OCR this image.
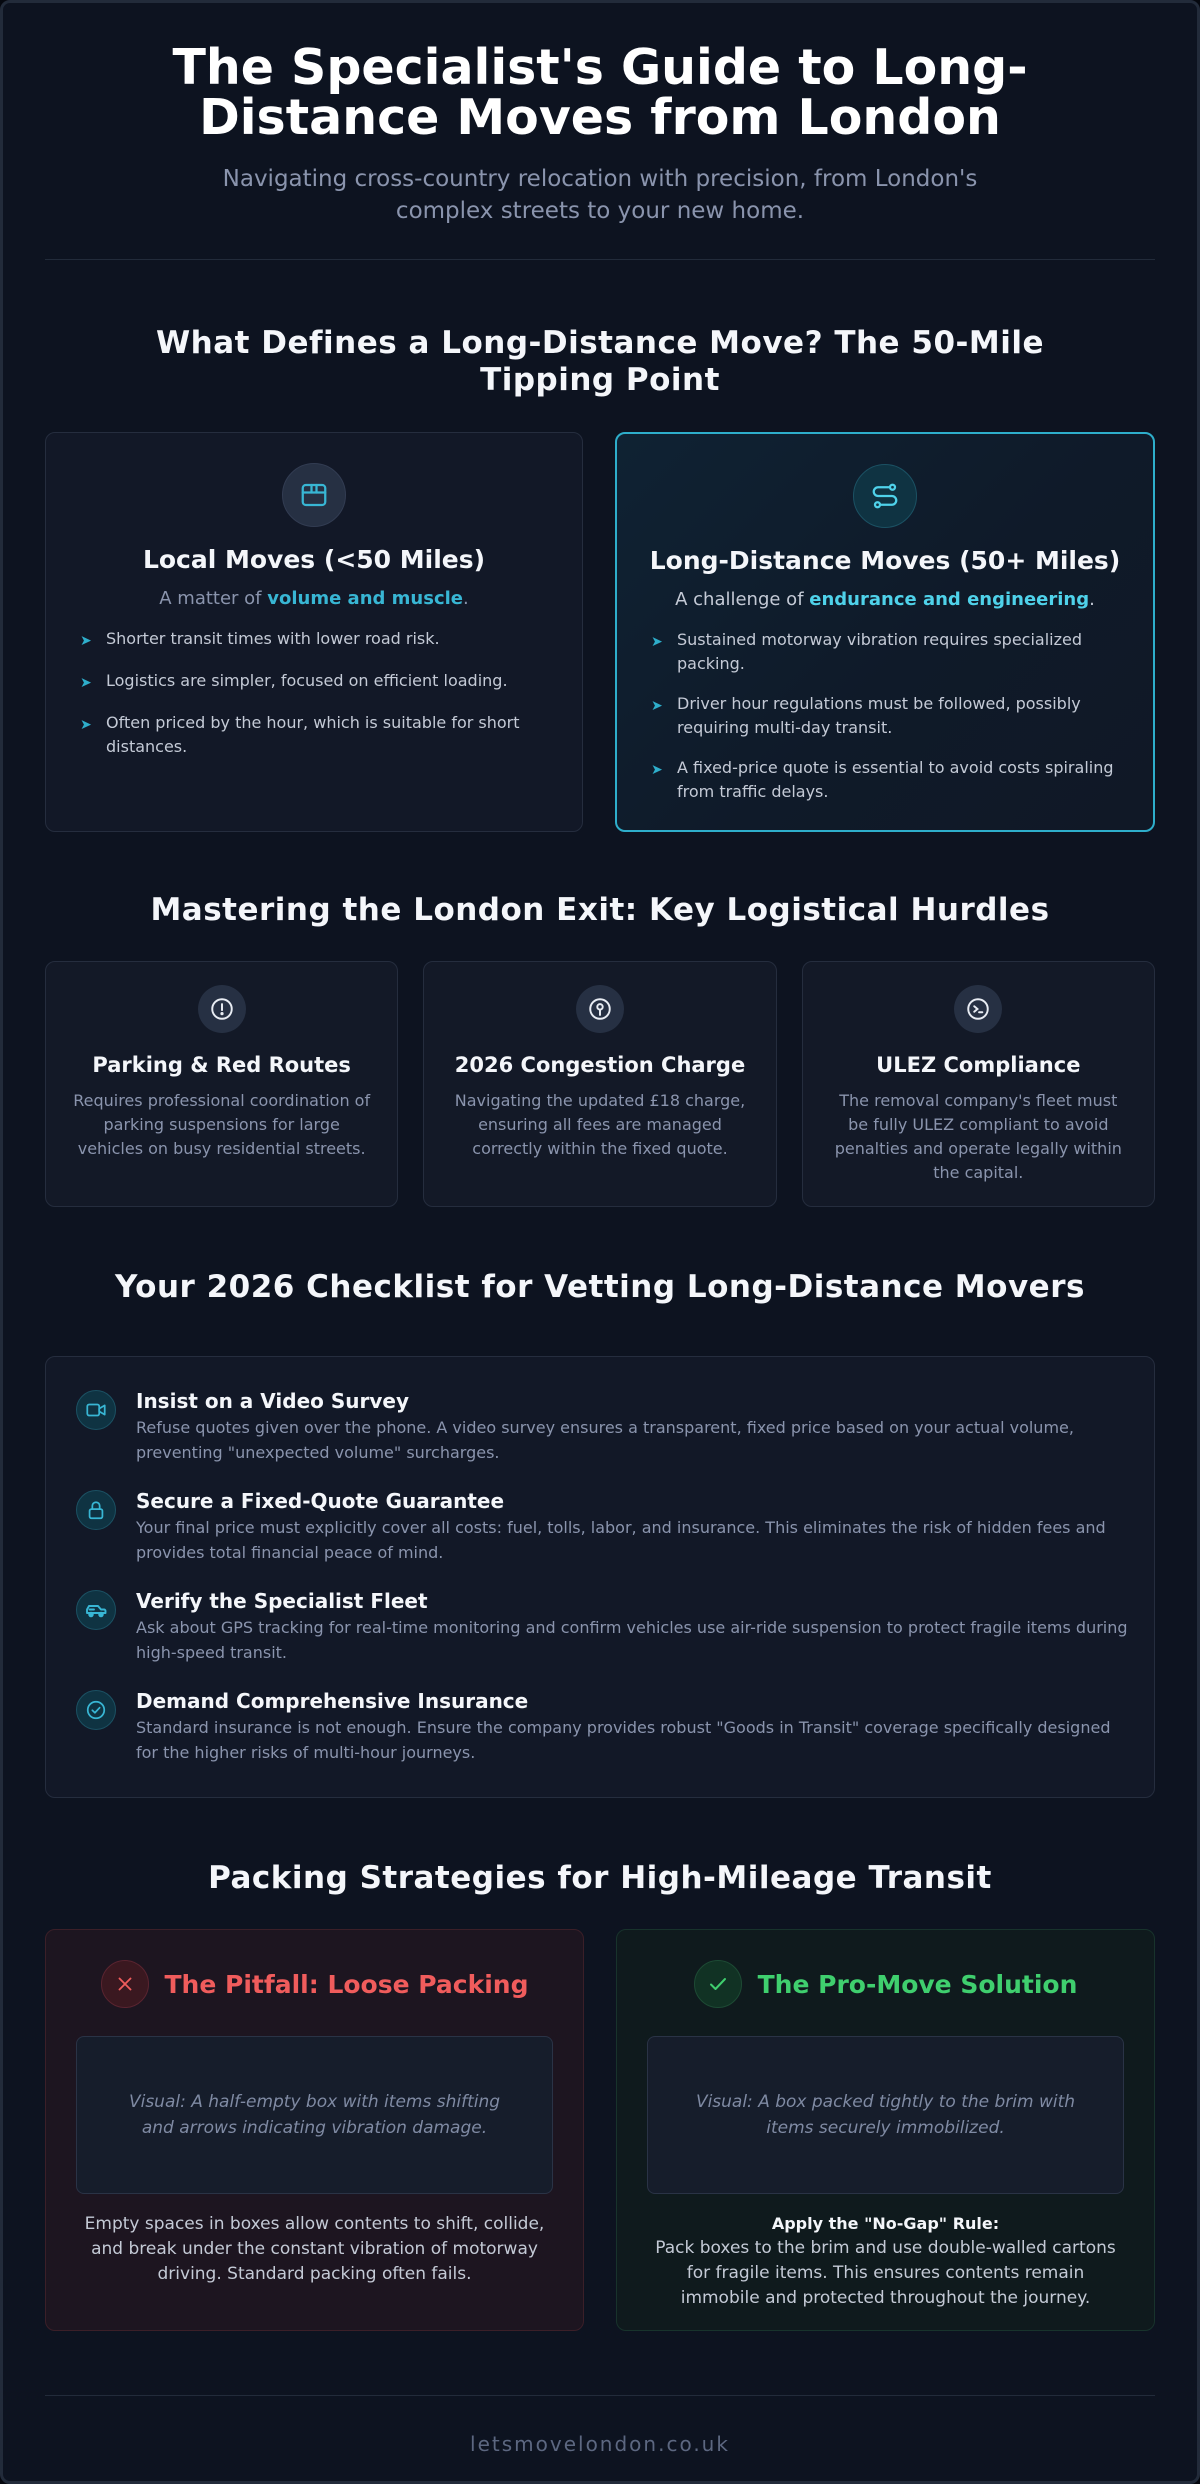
The Specialist's Guide to Long-Distance Moves from London

Navigating cross-country relocation with precision, from London's complex streets to your new home.

What Defines a Long-Distance Move? The 50-Mile Tipping Point
Local Moves (<50 Miles)

A matter of volume and muscle.

➤ Shorter transit times with lower road risk.
➤ Logistics are simpler, focused on efficient loading.
➤ Often priced by the hour, which is suitable for short distances.
Long-Distance Moves (50+ Miles)

A challenge of endurance and engineering.

➤ Sustained motorway vibration requires specialized packing.
➤ Driver hour regulations must be followed, possibly requiring multi-day transit.
➤ A fixed-price quote is essential to avoid costs spiraling from traffic delays.
Mastering the London Exit: Key Logistical Hurdles
Parking & Red Routes

Requires professional coordination of parking suspensions for large vehicles on busy residential streets.

2026 Congestion Charge

Navigating the updated £18 charge, ensuring all fees are managed correctly within the fixed quote.

ULEZ Compliance

The removal company's fleet must be fully ULEZ compliant to avoid penalties and operate legally within the capital.

Your 2026 Checklist for Vetting Long-Distance Movers
Insist on a Video Survey

Refuse quotes given over the phone. A video survey ensures a transparent, fixed price based on your actual volume, preventing "unexpected volume" surcharges.

Secure a Fixed-Quote Guarantee

Your final price must explicitly cover all costs: fuel, tolls, labor, and insurance. This eliminates the risk of hidden fees and provides total financial peace of mind.

Verify the Specialist Fleet

Ask about GPS tracking for real-time monitoring and confirm vehicles use air-ride suspension to protect fragile items during high-speed transit.

Demand Comprehensive Insurance

Standard insurance is not enough. Ensure the company provides robust "Goods in Transit" coverage specifically designed for the higher risks of multi-hour journeys.

Packing Strategies for High-Mileage Transit
The Pitfall: Loose Packing
Visual: A half-empty box with items shifting and arrows indicating vibration damage.

Empty spaces in boxes allow contents to shift, collide, and break under the constant vibration of motorway driving. Standard packing often fails.

The Pro-Move Solution
Visual: A box packed tightly to the brim with items securely immobilized.

Apply the "No-Gap" Rule:

Pack boxes to the brim and use double-walled cartons for fragile items. This ensures contents remain immobile and protected throughout the journey.

letsmovelondon.co.uk
